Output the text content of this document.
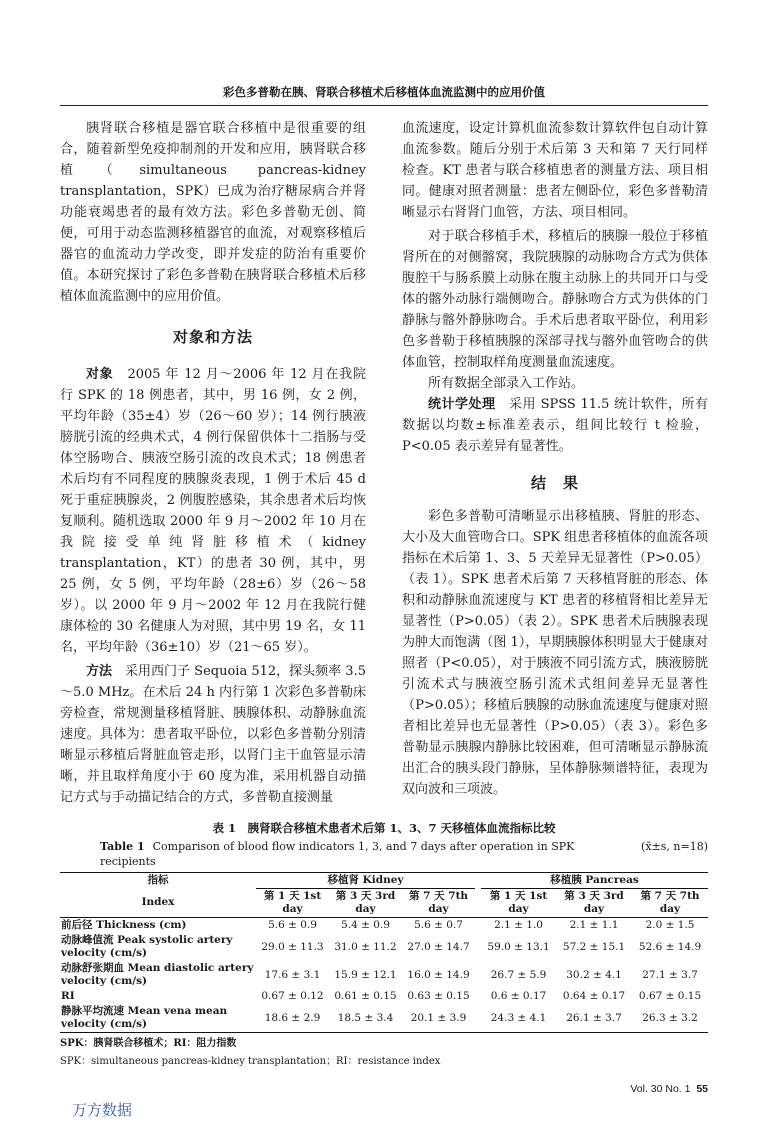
彩色多普勒在胰、肾联合移植术后移植体血流监测中的应用价值

胰肾联合移植是器官联合移植中是很重要的组合，随着新型免疫抑制剂的开发和应用，胰肾联合移植（simultaneous pancreas-kidney transplantation，SPK）已成为治疗糖尿病合并肾功能衰竭患者的最有效方法。彩色多普勒无创、简便，可用于动态监测移植器官的血流，对观察移植后器官的血流动力学改变，即并发症的防治有重要价值。本研究探讨了彩色多普勒在胰肾联合移植术后移植体血流监测中的应用价值。

对象和方法

对象　 2005 年 12 月～2006 年 12 月在我院行 SPK 的 18 例患者，其中，男 16 例，女 2 例，平均年龄（35±4）岁（26～60 岁）；14 例行胰液膀胱引流的经典术式，4 例行保留供体十二指肠与受体空肠吻合、胰液空肠引流的改良术式；18 例患者术后均有不同程度的胰腺炎表现，1 例于术后 45 d 死于重症胰腺炎，2 例腹腔感染，其余患者术后均恢复顺利。随机选取 2000 年 9 月～2002 年 10 月在我院接受单纯肾脏移植术（kidney transplantation，KT）的患者 30 例，其中，男 25 例，女 5 例，平均年龄（28±6）岁（26～58 岁）。以 2000 年 9 月～2002 年 12 月在我院行健康体检的 30 名健康人为对照，其中男 19 名，女 11 名，平均年龄（36±10）岁（21～65 岁）。

方法　 采用西门子 Sequoia 512，探头频率 3.5～5.0 MHz。在术后 24 h 内行第 1 次彩色多普勒床旁检查，常规测量移植肾脏、胰腺体积、动静脉血流速度。具体为：患者取平卧位，以彩色多普勒分别清晰显示移植后肾脏血管走形，以肾门主干血管显示清晰，并且取样角度小于 60 度为准，采用机器自动描记方式与手动描记结合的方式，多普勒直接测量

血流速度，设定计算机血流参数计算软件包自动计算血流参数。随后分别于术后第 3 天和第 7 天行同样检查。KT 患者与联合移植患者的测量方法、项目相同。健康对照者测量：患者左侧卧位，彩色多普勒清晰显示右肾肾门血管，方法、项目相同。

对于联合移植手术，移植后的胰腺一般位于移植肾所在的对侧髂窝，我院胰腺的动脉吻合方式为供体腹腔干与肠系膜上动脉在腹主动脉上的共同开口与受体的髂外动脉行端侧吻合。静脉吻合方式为供体的门静脉与髂外静脉吻合。手术后患者取平卧位，利用彩色多普勒于移植胰腺的深部寻找与髂外血管吻合的供体血管，控制取样角度测量血流速度。

所有数据全部录入工作站。

统计学处理　 采用 SPSS 11.5 统计软件，所有数据以均数±标准差表示，组间比较行 t 检验，P<0.05 表示差异有显著性。

结　果

彩色多普勒可清晰显示出移植胰、肾脏的形态、大小及大血管吻合口。SPK 组患者移植体的血流各项指标在术后第 1、3、5 天差异无显著性（P>0.05）（表 1）。SPK 患者术后第 7 天移植肾脏的形态、体积和动静脉血流速度与 KT 患者的移植肾相比差异无显著性（P>0.05）（表 2）。SPK 患者术后胰腺表现为肿大而饱满（图 1），早期胰腺体积明显大于健康对照者（P<0.05），对于胰液不同引流方式，胰液膀胱引流术式与胰液空肠引流术式组间差异无显著性（P>0.05）；移植后胰腺的动脉血流速度与健康对照者相比差异也无显著性（P>0.05）（表 3）。彩色多普勒显示胰腺内静脉比较困难，但可清晰显示静脉流出汇合的胰头段门静脉，呈体静脉频谱特征，表现为双向波和三项波。

表 1　胰肾联合移植术患者术后第 1、3、7 天移植体血流指标比较
Table 1 Comparison of blood flow indicators 1, 3, and 7 days after operation in SPK recipients
(x̄±s, n=18)
指标	移植肾 Kidney				移植胰 Pancreas		
Index	第 1 天 1st day	第 3 天 3rd day	第 7 天 7th day		第 1 天 1st day	第 3 天 3rd day	第 7 天 7th day
前后径 Thickness (cm)	5.6 ± 0.9	5.4 ± 0.9	5.6 ± 0.7		2.1 ± 1.0	2.1 ± 1.1	2.0 ± 1.5
动脉峰值流 Peak systolic artery velocity (cm/s)	29.0 ± 11.3	31.0 ± 11.2	27.0 ± 14.7		59.0 ± 13.1	57.2 ± 15.1	52.6 ± 14.9
动脉舒张期血 Mean diastolic artery velocity (cm/s)	17.6 ± 3.1	15.9 ± 12.1	16.0 ± 14.9		26.7 ± 5.9	30.2 ± 4.1	27.1 ± 3.7
RI	0.67 ± 0.12	0.61 ± 0.15	0.63 ± 0.15		0.6 ± 0.17	0.64 ± 0.17	0.67 ± 0.15
静脉平均流速 Mean vena mean velocity (cm/s)	18.6 ± 2.9	18.5 ± 3.4	20.1 ± 3.9		24.3 ± 4.1	26.1 ± 3.7	26.3 ± 3.2
SPK：胰肾联合移植术；RI：阻力指数
SPK：simultaneous pancreas-kidney transplantation；RI：resistance index
Vol. 30 No. 1 55
万方数据
